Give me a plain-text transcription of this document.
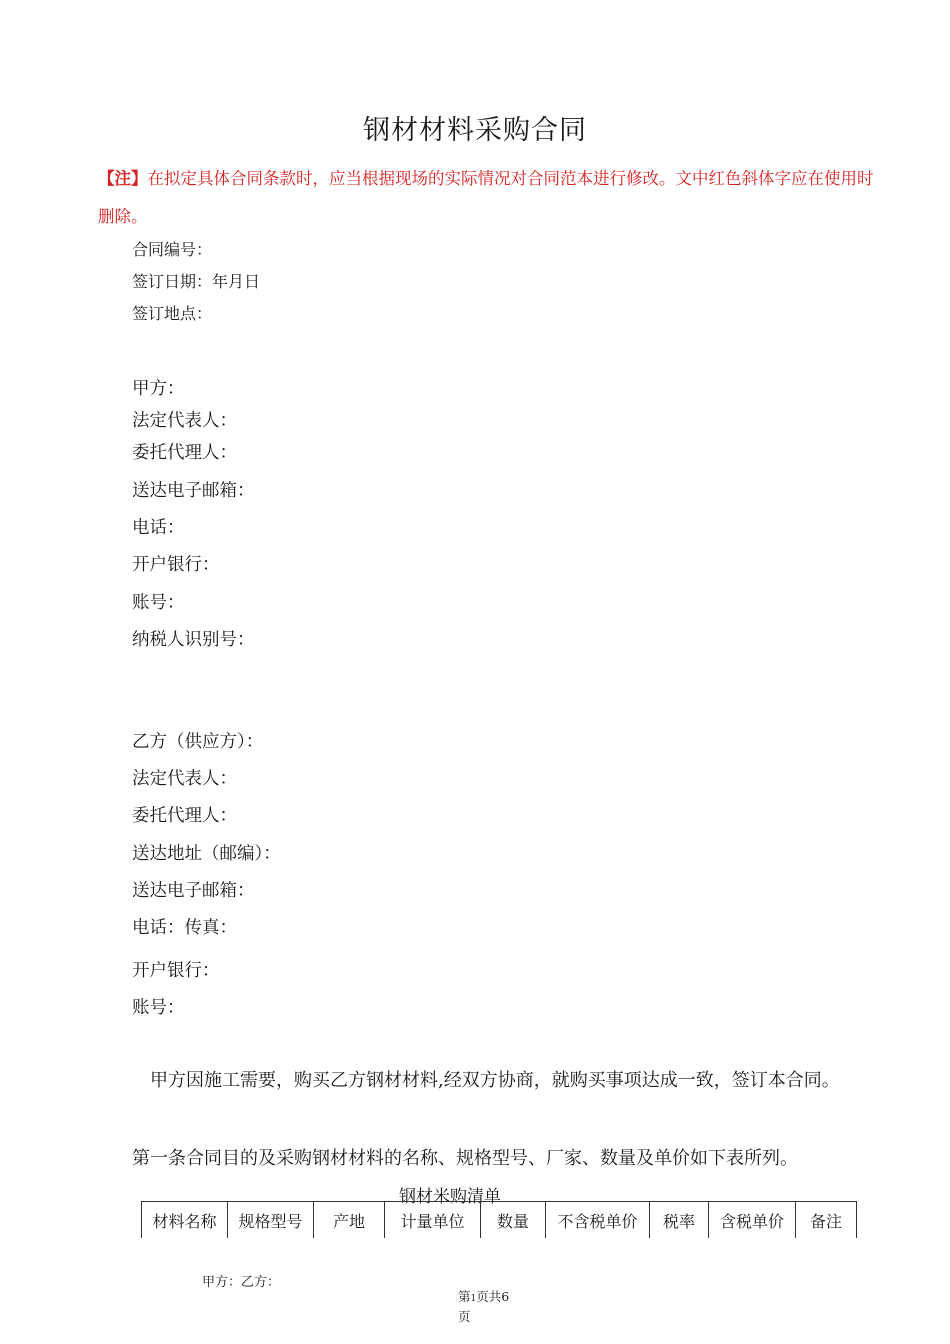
钢材材料采购合同
【注】在拟定具体合同条款时，应当根据现场的实际情况对合同范本进行修改。文中红色斜体字应在使用时删除。
合同编号：
签订日期：年月日
签订地点：
甲方：
法定代表人：
委托代理人：
送达电子邮箱：
电话：
开户银行：
账号：
纳税人识别号：
乙方（供应方）：
法定代表人：
委托代理人：
送达地址（邮编）：
送达电子邮箱：
电话：传真：
开户银行：
账号：
甲方因施工需要，购买乙方钢材材料,经双方协商，就购买事项达成一致，签订本合同。
第一条合同目的及采购钢材材料的名称、规格型号、厂家、数量及单价如下表所列。
钢材米购清单
材料名称	规格型号	产地	计量单位	数量	不含税单价	税率	含税单价	备注
甲方：乙方：
第1页共6
页
